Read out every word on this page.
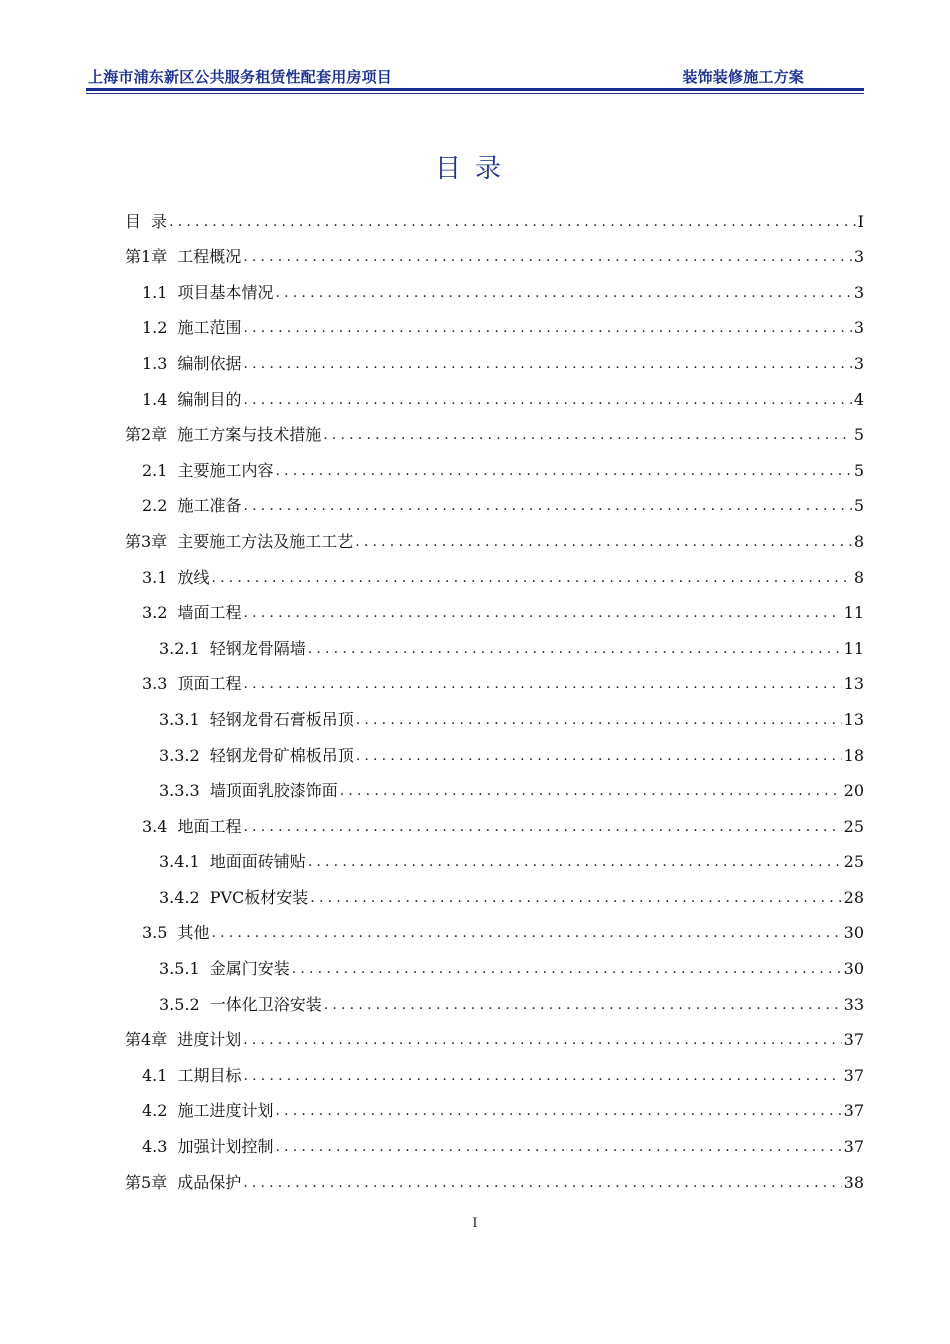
上海市浦东新区公共服务租赁性配套用房项目	装饰装修施工方案
目录
目 录 .....	I
第1章 工程概况 .....	3
1.1 项目基本情况 .....	3
1.2 施工范围 .....	3
1.3 编制依据 .....	3
1.4 编制目的 .....	4
第2章 施工方案与技术措施 .....	5
2.1 主要施工内容 .....	5
2.2 施工准备 .....	5
第3章 主要施工方法及施工工艺 .....	8
3.1 放线 .....	8
3.2 墙面工程 .....	11
3.2.1 轻钢龙骨隔墙 .....	11
3.3 顶面工程 .....	13
3.3.1 轻钢龙骨石膏板吊顶 .....	13
3.3.2 轻钢龙骨矿棉板吊顶 .....	18
3.3.3 墙顶面乳胶漆饰面 .....	20
3.4 地面工程 .....	25
3.4.1 地面面砖铺贴 .....	25
3.4.2 PVC板材安装 .....	28
3.5 其他 .....	30
3.5.1 金属门安装 .....	30
3.5.2 一体化卫浴安装 .....	33
第4章 进度计划 .....	37
4.1 工期目标 .....	37
4.2 施工进度计划 .....	37
4.3 加强计划控制 .....	37
第5章 成品保护 .....	38
I
